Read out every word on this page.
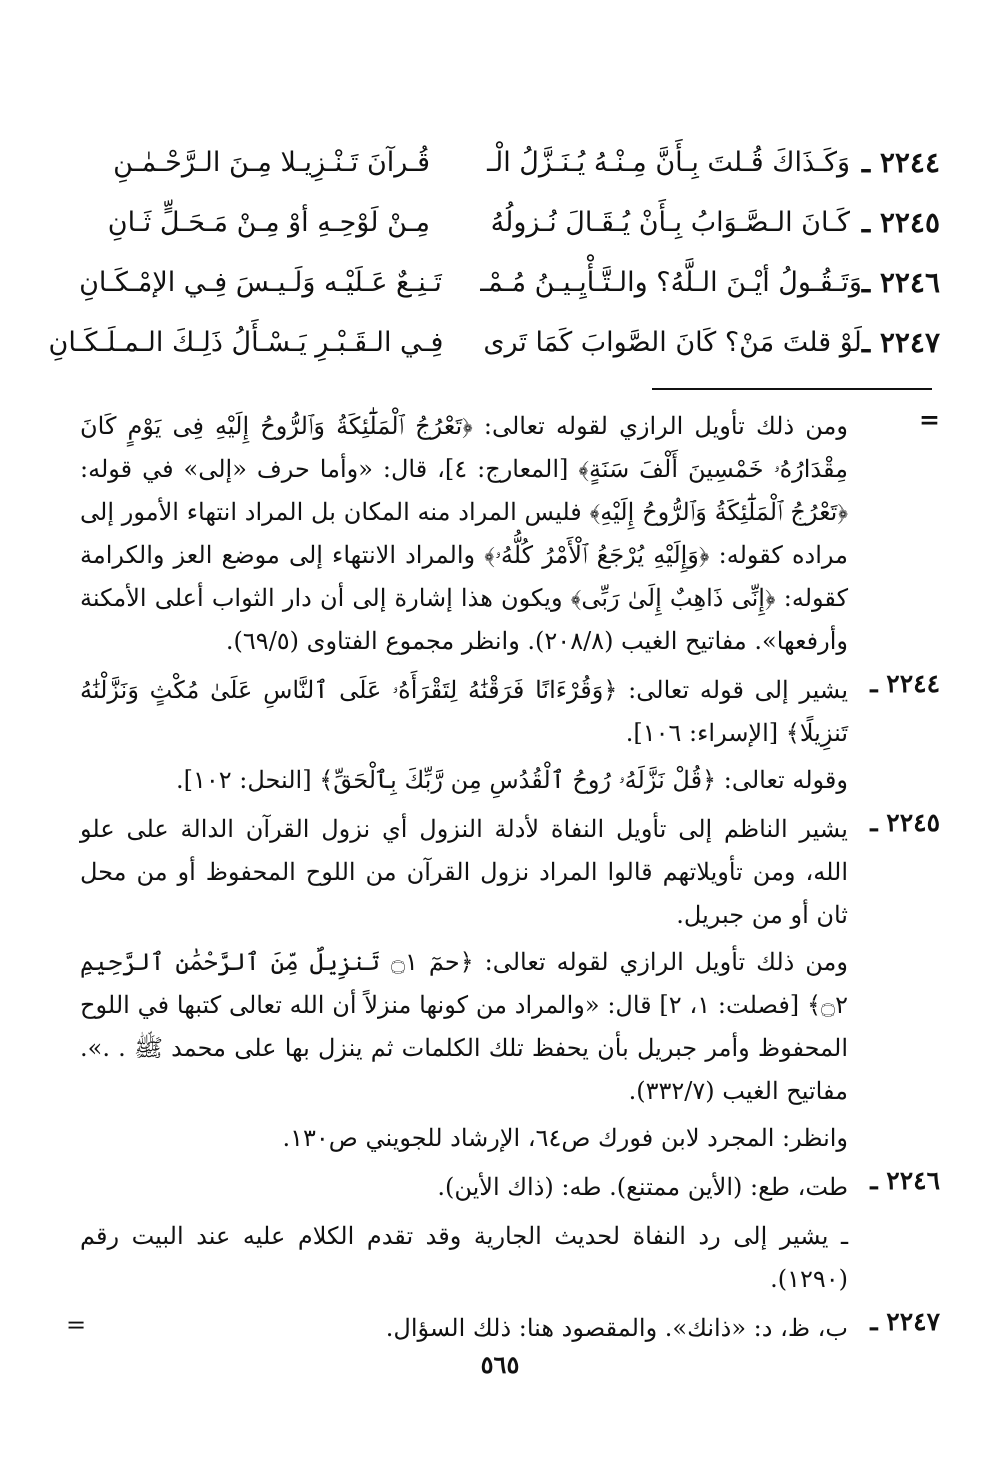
٢٢٤٤ ـ
وَكَـذَاكَ قُـلتَ بِـأَنَّ مِـنْـهُ يُـنَـزَّلُ الْـ
قُـرآنَ تَـنْـزِيـلا مِـنَ الـرَّحْـمٰـنِ
٢٢٤٥ ـ
كَـانَ الـصَّـوَابُ بِـأَنْ يُـقَـالَ نُـزولُهُ
مِـنْ لَوْحِـهِ أوْ مِـنْ مَـحَـلٍّ ثَـانِ
٢٢٤٦ ـ
وَتَـقُـولُ أيْـنَ الـلَّهُ؟ والـتَّـأْيِـيـنُ مُـمْـ
تَـنِـعٌ عَـلَيْـه وَلَـيـسَ فِـي الإمْـكَـانِ
٢٢٤٧ ـ
لَوْ قلتَ مَنْ؟ كَانَ الصَّوابَ كَمَا تَرى
فِـي الـقَـبْـرِ يَـسْـأَلُ ذَلِـكَ الـمـلَـكَـانِ
=

ومن ذلك تأويل الرازي لقوله تعالى: ﴿تَعْرُجُ ٱلْمَلَٰٓئِكَةُ وَٱلرُّوحُ إِلَيْهِ فِى يَوْمٍ كَانَ مِقْدَارُهُۥ خَمْسِينَ أَلْفَ سَنَةٍ﴾ [المعارج: ٤]، قال: «وأما حرف «إلى» في قوله: ﴿تَعْرُجُ ٱلْمَلَٰٓئِكَةُ وَٱلرُّوحُ إِلَيْهِ﴾ فليس المراد منه المكان بل المراد انتهاء الأمور إلى مراده كقوله: ﴿وَإِلَيْهِ يُرْجَعُ ٱلْأَمْرُ كُلُّهُۥ﴾ والمراد الانتهاء إلى موضع العز والكرامة كقوله: ﴿إِنِّى ذَاهِبٌ إِلَىٰ رَبِّى﴾ ويكون هذا إشارة إلى أن دار الثواب أعلى الأمكنة وأرفعها». مفاتيح الغيب (٢٠٨/٨). وانظر مجموع الفتاوى (٦٩/٥).

٢٢٤٤ ـ

يشير إلى قوله تعالى: ﴿وَقُرْءَانًا فَرَقْنَٰهُ لِتَقْرَأَهُۥ عَلَى ٱلنَّاسِ عَلَىٰ مُكْثٍ وَنَزَّلْنَٰهُ تَنزِيلًا﴾ [الإسراء: ١٠٦].

وقوله تعالى: ﴿قُلْ نَزَّلَهُۥ رُوحُ ٱلْقُدُسِ مِن رَّبِّكَ بِٱلْحَقِّ﴾ [النحل: ١٠٢].

٢٢٤٥ ـ

يشير الناظم إلى تأويل النفاة لأدلة النزول أي نزول القرآن الدالة على علو الله، ومن تأويلاتهم قالوا المراد نزول القرآن من اللوح المحفوظ أو من محل ثان أو من جبريل.

ومن ذلك تأويل الرازي لقوله تعالى: ﴿حمٓ ۝١ تَنزِيلٌ مِّنَ ٱلرَّحْمَٰنِ ٱلرَّحِيمِ ۝٢﴾ [فصلت: ١، ٢] قال: «والمراد من كونها منزلاً أن الله تعالى كتبها في اللوح المحفوظ وأمر جبريل بأن يحفظ تلك الكلمات ثم ينزل بها على محمد ﷺ . .». مفاتيح الغيب (٣٣٢/٧).

وانظر: المجرد لابن فورك ص٦٤، الإرشاد للجويني ص١٣٠.

٢٢٤٦ ـ

طت، طع: (الأين ممتنع). طه: (ذاك الأين).

ـ يشير إلى رد النفاة لحديث الجارية وقد تقدم الكلام عليه عند البيت رقم (١٢٩٠).

٢٢٤٧ ـ

ب، ظ، د: «ذانك». والمقصود هنا: ذلك السؤال.

=
٥٦٥
